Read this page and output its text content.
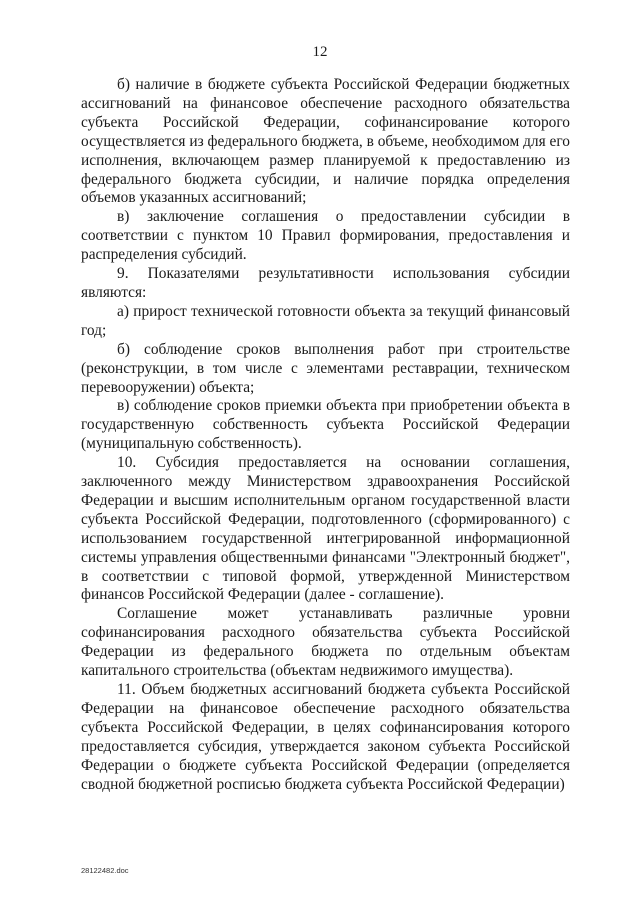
12

б) наличие в бюджете субъекта Российской Федерации бюджетных ассигнований на финансовое обеспечение расходного обязательства субъекта Российской Федерации, софинансирование которого осуществляется из федерального бюджета, в объеме, необходимом для его исполнения, включающем размер планируемой к предоставлению из федерального бюджета субсидии, и наличие порядка определения объемов указанных ассигнований;

в) заключение соглашения о предоставлении субсидии в соответствии с пунктом 10 Правил формирования, предоставления и распределения субсидий.

9. Показателями результативности использования субсидии являются:

а) прирост технической готовности объекта за текущий финансовый год;

б) соблюдение сроков выполнения работ при строительстве (реконструкции, в том числе с элементами реставрации, техническом перевооружении) объекта;

в) соблюдение сроков приемки объекта при приобретении объекта в государственную собственность субъекта Российской Федерации (муниципальную собственность).

10. Субсидия предоставляется на основании соглашения, заключенного между Министерством здравоохранения Российской Федерации и высшим исполнительным органом государственной власти субъекта Российской Федерации, подготовленного (сформированного) с использованием государственной интегрированной информационной системы управления общественными финансами "Электронный бюджет", в соответствии с типовой формой, утвержденной Министерством финансов Российской Федерации (далее - соглашение).

Соглашение может устанавливать различные уровни софинансирования расходного обязательства субъекта Российской Федерации из федерального бюджета по отдельным объектам капитального строительства (объектам недвижимого имущества).

11. Объем бюджетных ассигнований бюджета субъекта Российской Федерации на финансовое обеспечение расходного обязательства субъекта Российской Федерации, в целях софинансирования которого предоставляется субсидия, утверждается законом субъекта Российской Федерации о бюджете субъекта Российской Федерации (определяется сводной бюджетной росписью бюджета субъекта Российской Федерации)

28122482.doc
